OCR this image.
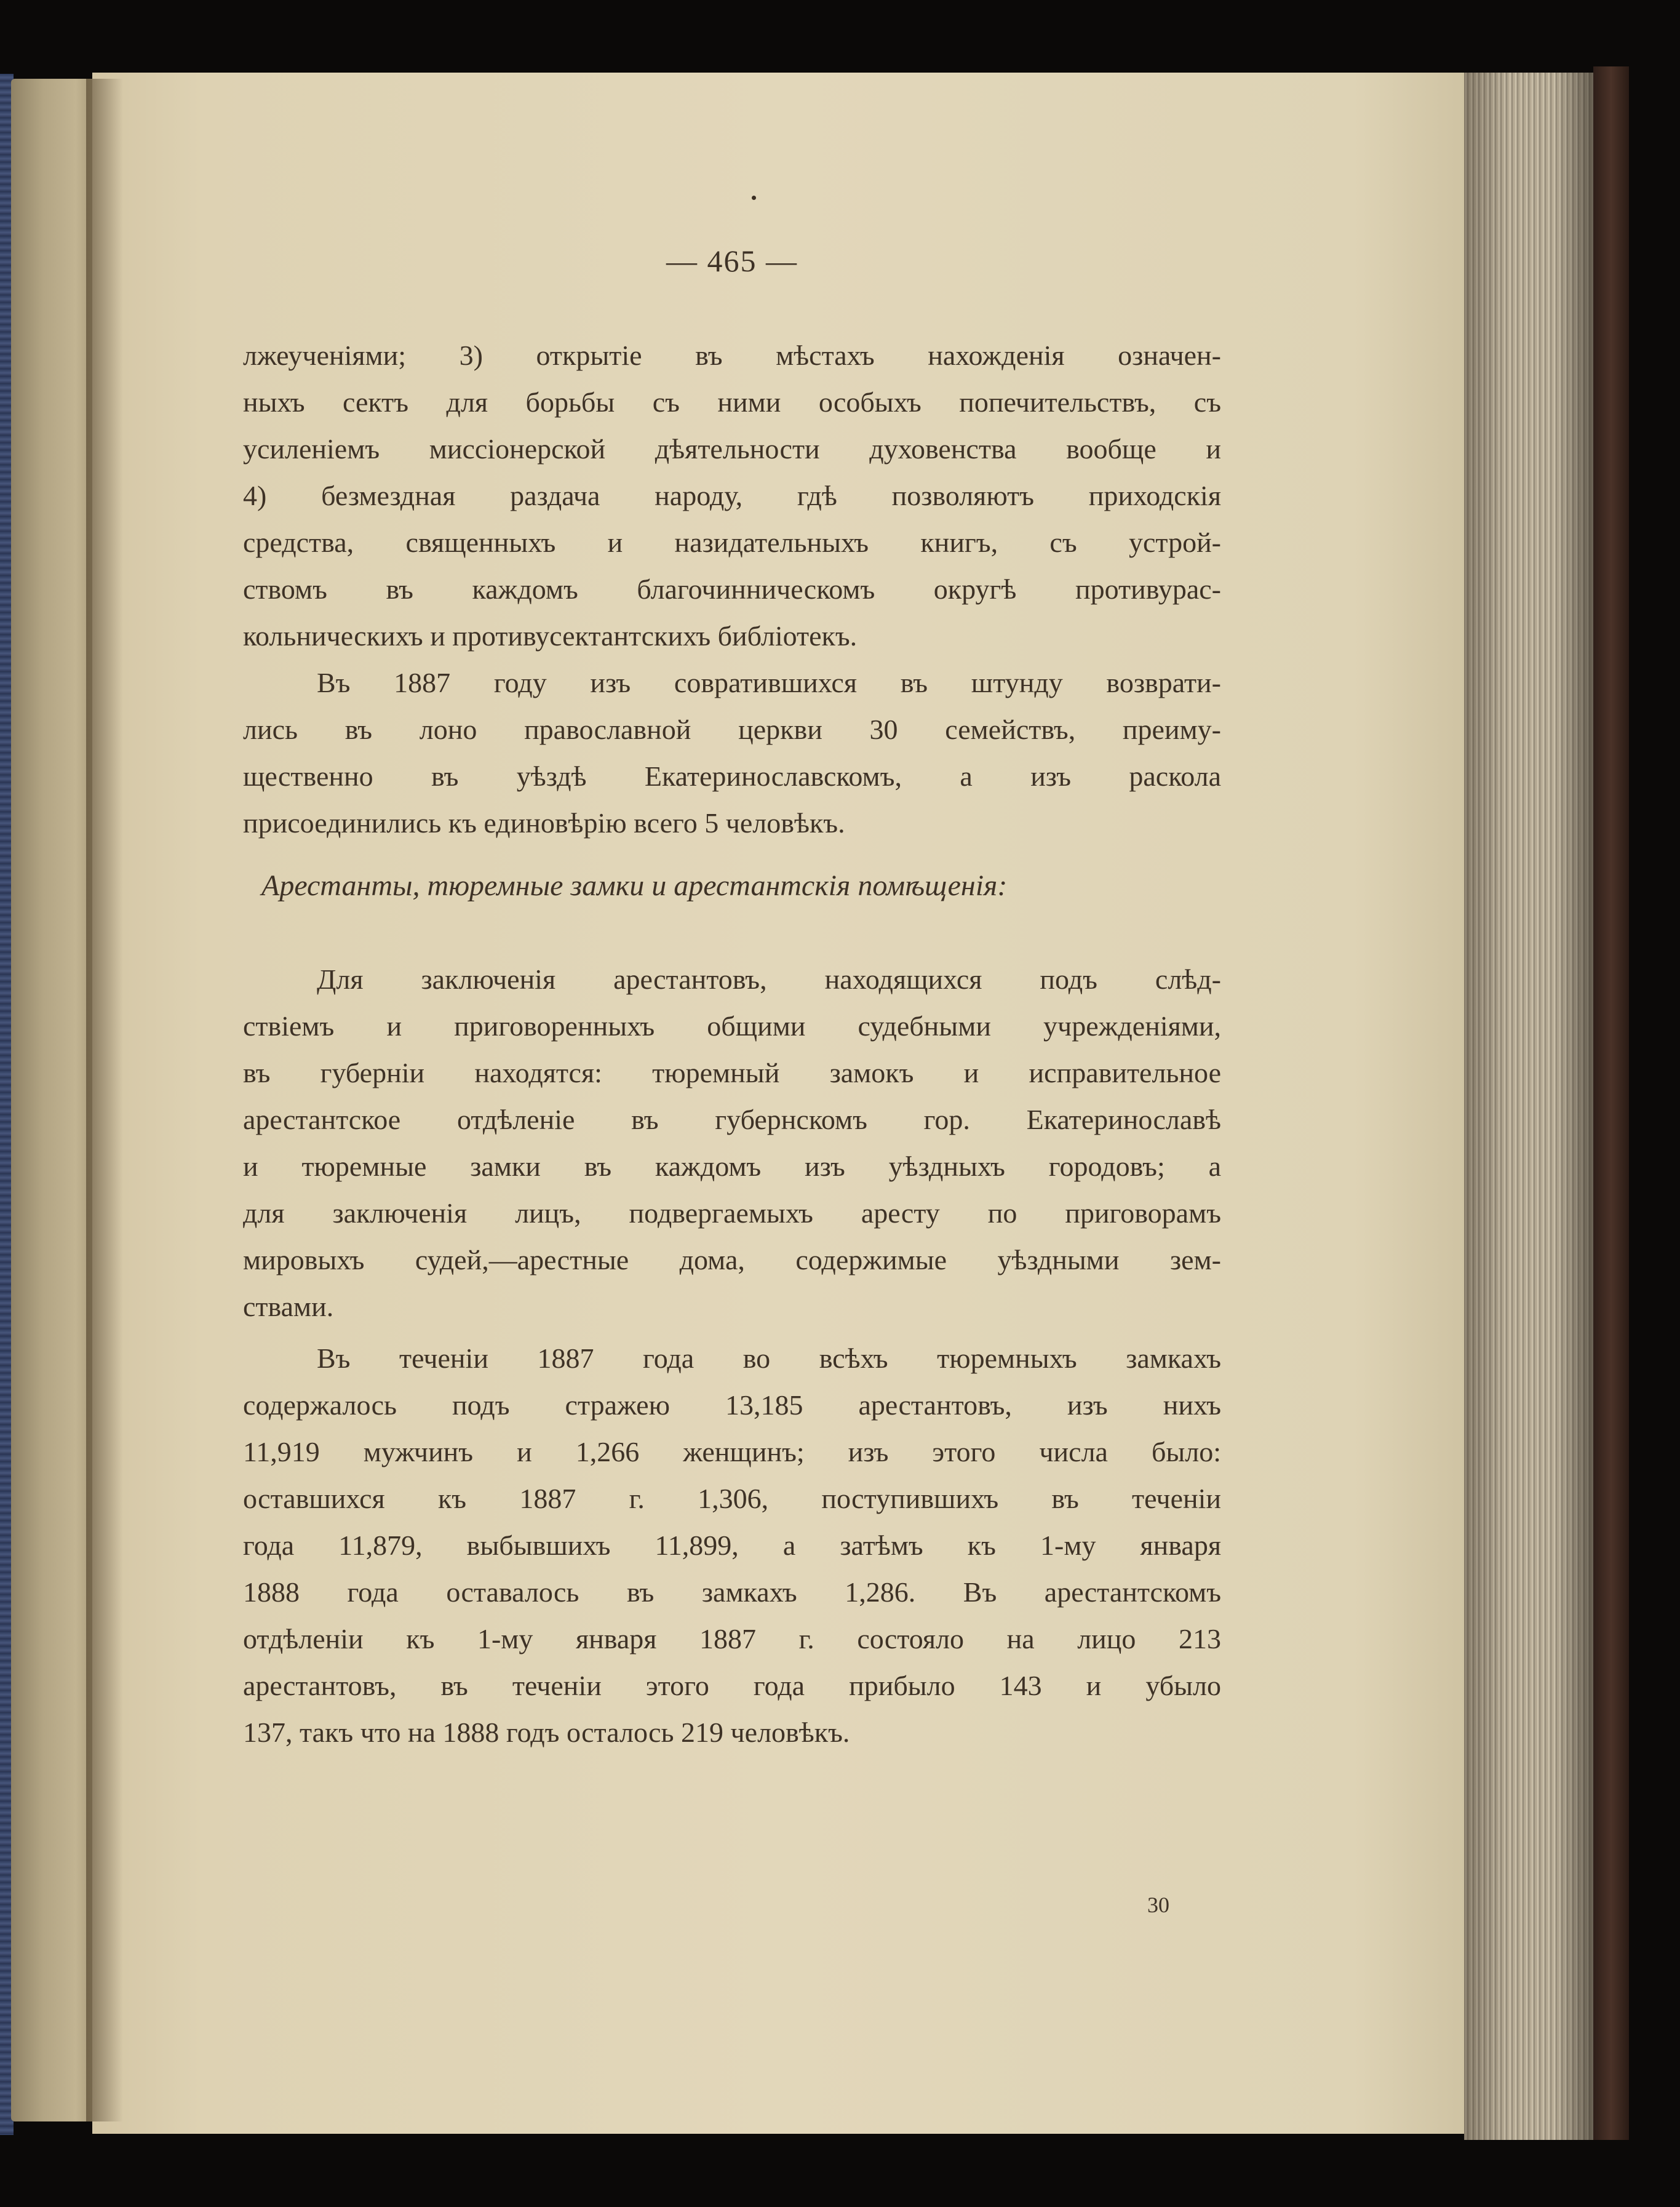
— 465 —
лжеученіями; 3) открытіе въ мѣстахъ нахожденія означен-
ныхъ сектъ для борьбы съ ними особыхъ попечительствъ, съ
усиленіемъ миссіонерской дѣятельности духовенства вообще и
4) безмездная раздача народу, гдѣ позволяютъ приходскія
средства, священныхъ и назидательныхъ книгъ, съ устрой-
ствомъ въ каждомъ благочинническомъ округѣ противурас-
кольническихъ и противусектантскихъ библіотекъ.
Въ 1887 году изъ совратившихся въ штунду возврати-
лись въ лоно православной церкви 30 семействъ, преиму-
щественно въ уѣздѣ Екатеринославскомъ, а изъ раскола
присоединились къ единовѣрію всего 5 человѣкъ.
Арестанты, тюремные замки и арестантскія помѣщенія:
Для заключенія арестантовъ, находящихся подъ слѣд-
ствіемъ и приговоренныхъ общими судебными учрежденіями,
въ губерніи находятся: тюремный замокъ и исправительное
арестантское отдѣленіе въ губернскомъ гор. Екатеринославѣ
и тюремные замки въ каждомъ изъ уѣздныхъ городовъ; а
для заключенія лицъ, подвергаемыхъ аресту по приговорамъ
мировыхъ судей,—арестные дома, содержимые уѣздными зем-
ствами.
Въ теченіи 1887 года во всѣхъ тюремныхъ замкахъ
содержалось подъ стражею 13,185 арестантовъ, изъ нихъ
11,919 мужчинъ и 1,266 женщинъ; изъ этого числа было:
оставшихся къ 1887 г. 1,306, поступившихъ въ теченіи
года 11,879, выбывшихъ 11,899, а затѣмъ къ 1-му января
1888 года оставалось въ замкахъ 1,286. Въ арестантскомъ
отдѣленіи къ 1-му января 1887 г. состояло на лицо 213
арестантовъ, въ теченіи этого года прибыло 143 и убыло
137, такъ что на 1888 годъ осталось 219 человѣкъ.
30
